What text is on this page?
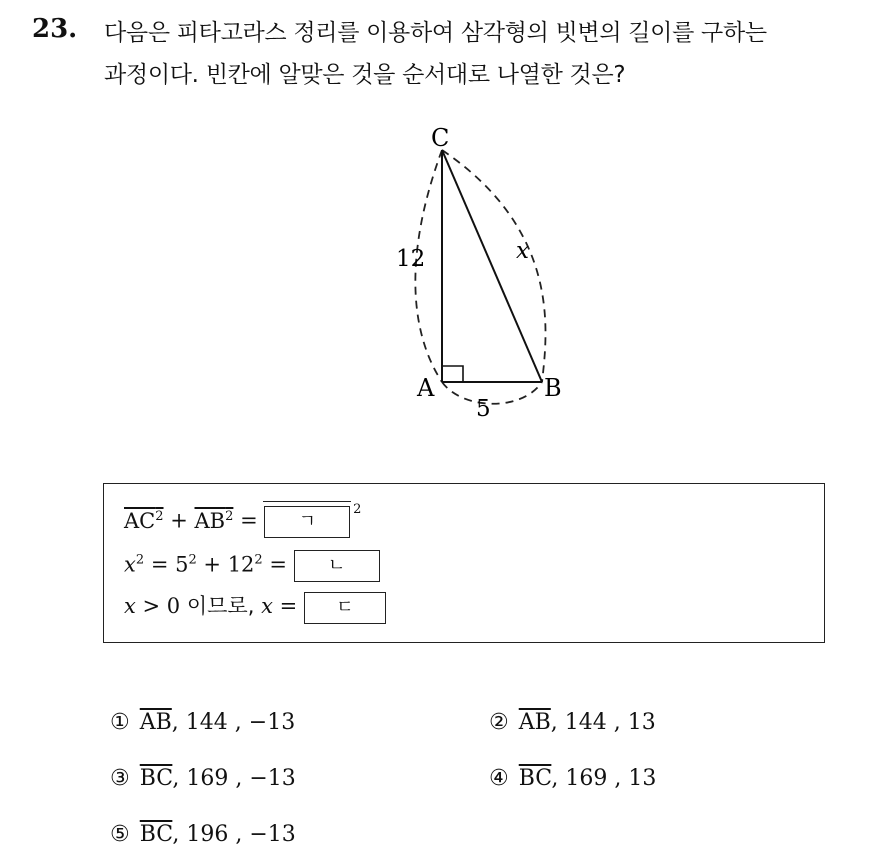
23. 다음은 피타고라스 정리를 이용하여 삼각형의 빗변의 길이를 구하는
과정이다. 빈칸에 알맞은 것을 순서대로 나열한 것은?
C
A	B
12
5
x
$AC^2 + AB^2$ = ㄱ
2
$x^2 = 5^2 + 12^2$ = ㄴ
x > 0 이므로, x = ㄷ
① $\overline{AB}$, 144 , −13	② $\overline{AB}$, 144 , 13
③ $\overline{BC}$, 169 , −13	④ $\overline{BC}$, 169 , 13
⑤ $\overline{BC}$, 196 , −13
